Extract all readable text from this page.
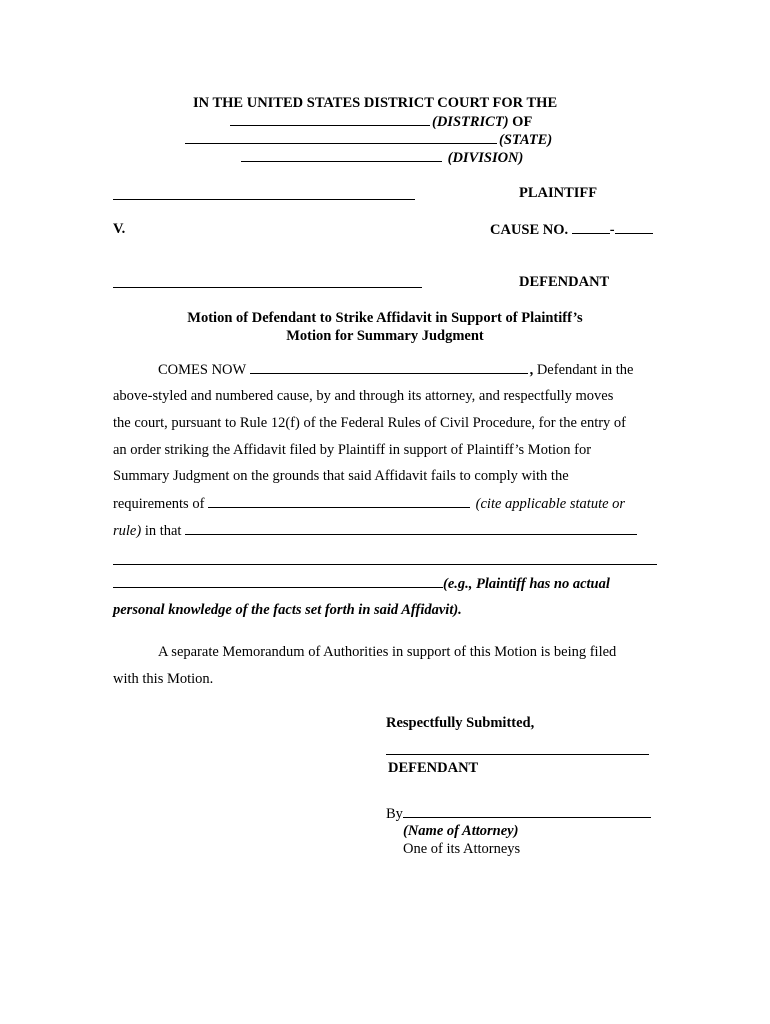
IN THE UNITED STATES DISTRICT COURT FOR THE
(DISTRICT) OF
(STATE)
(DIVISION)
PLAINTIFF
V.	CAUSE NO.	-
DEFENDANT
Motion of Defendant to Strike Affidavit in Support of Plaintiff’s
Motion for Summary Judgment
COMES NOW	, Defendant in the
above-styled and numbered cause, by and through its attorney, and respectfully moves
the court, pursuant to Rule 12(f) of the Federal Rules of Civil Procedure, for the entry of
an order striking the Affidavit filed by Plaintiff in support of Plaintiff’s Motion for
Summary Judgment on the grounds that said Affidavit fails to comply with the
requirements of	(cite applicable statute or
rule) in that
(e.g., Plaintiff has no actual
personal knowledge of the facts set forth in said Affidavit).
A separate Memorandum of Authorities in support of this Motion is being filed
with this Motion.
Respectfully Submitted,
DEFENDANT
By
(Name of Attorney)
One of its Attorneys
